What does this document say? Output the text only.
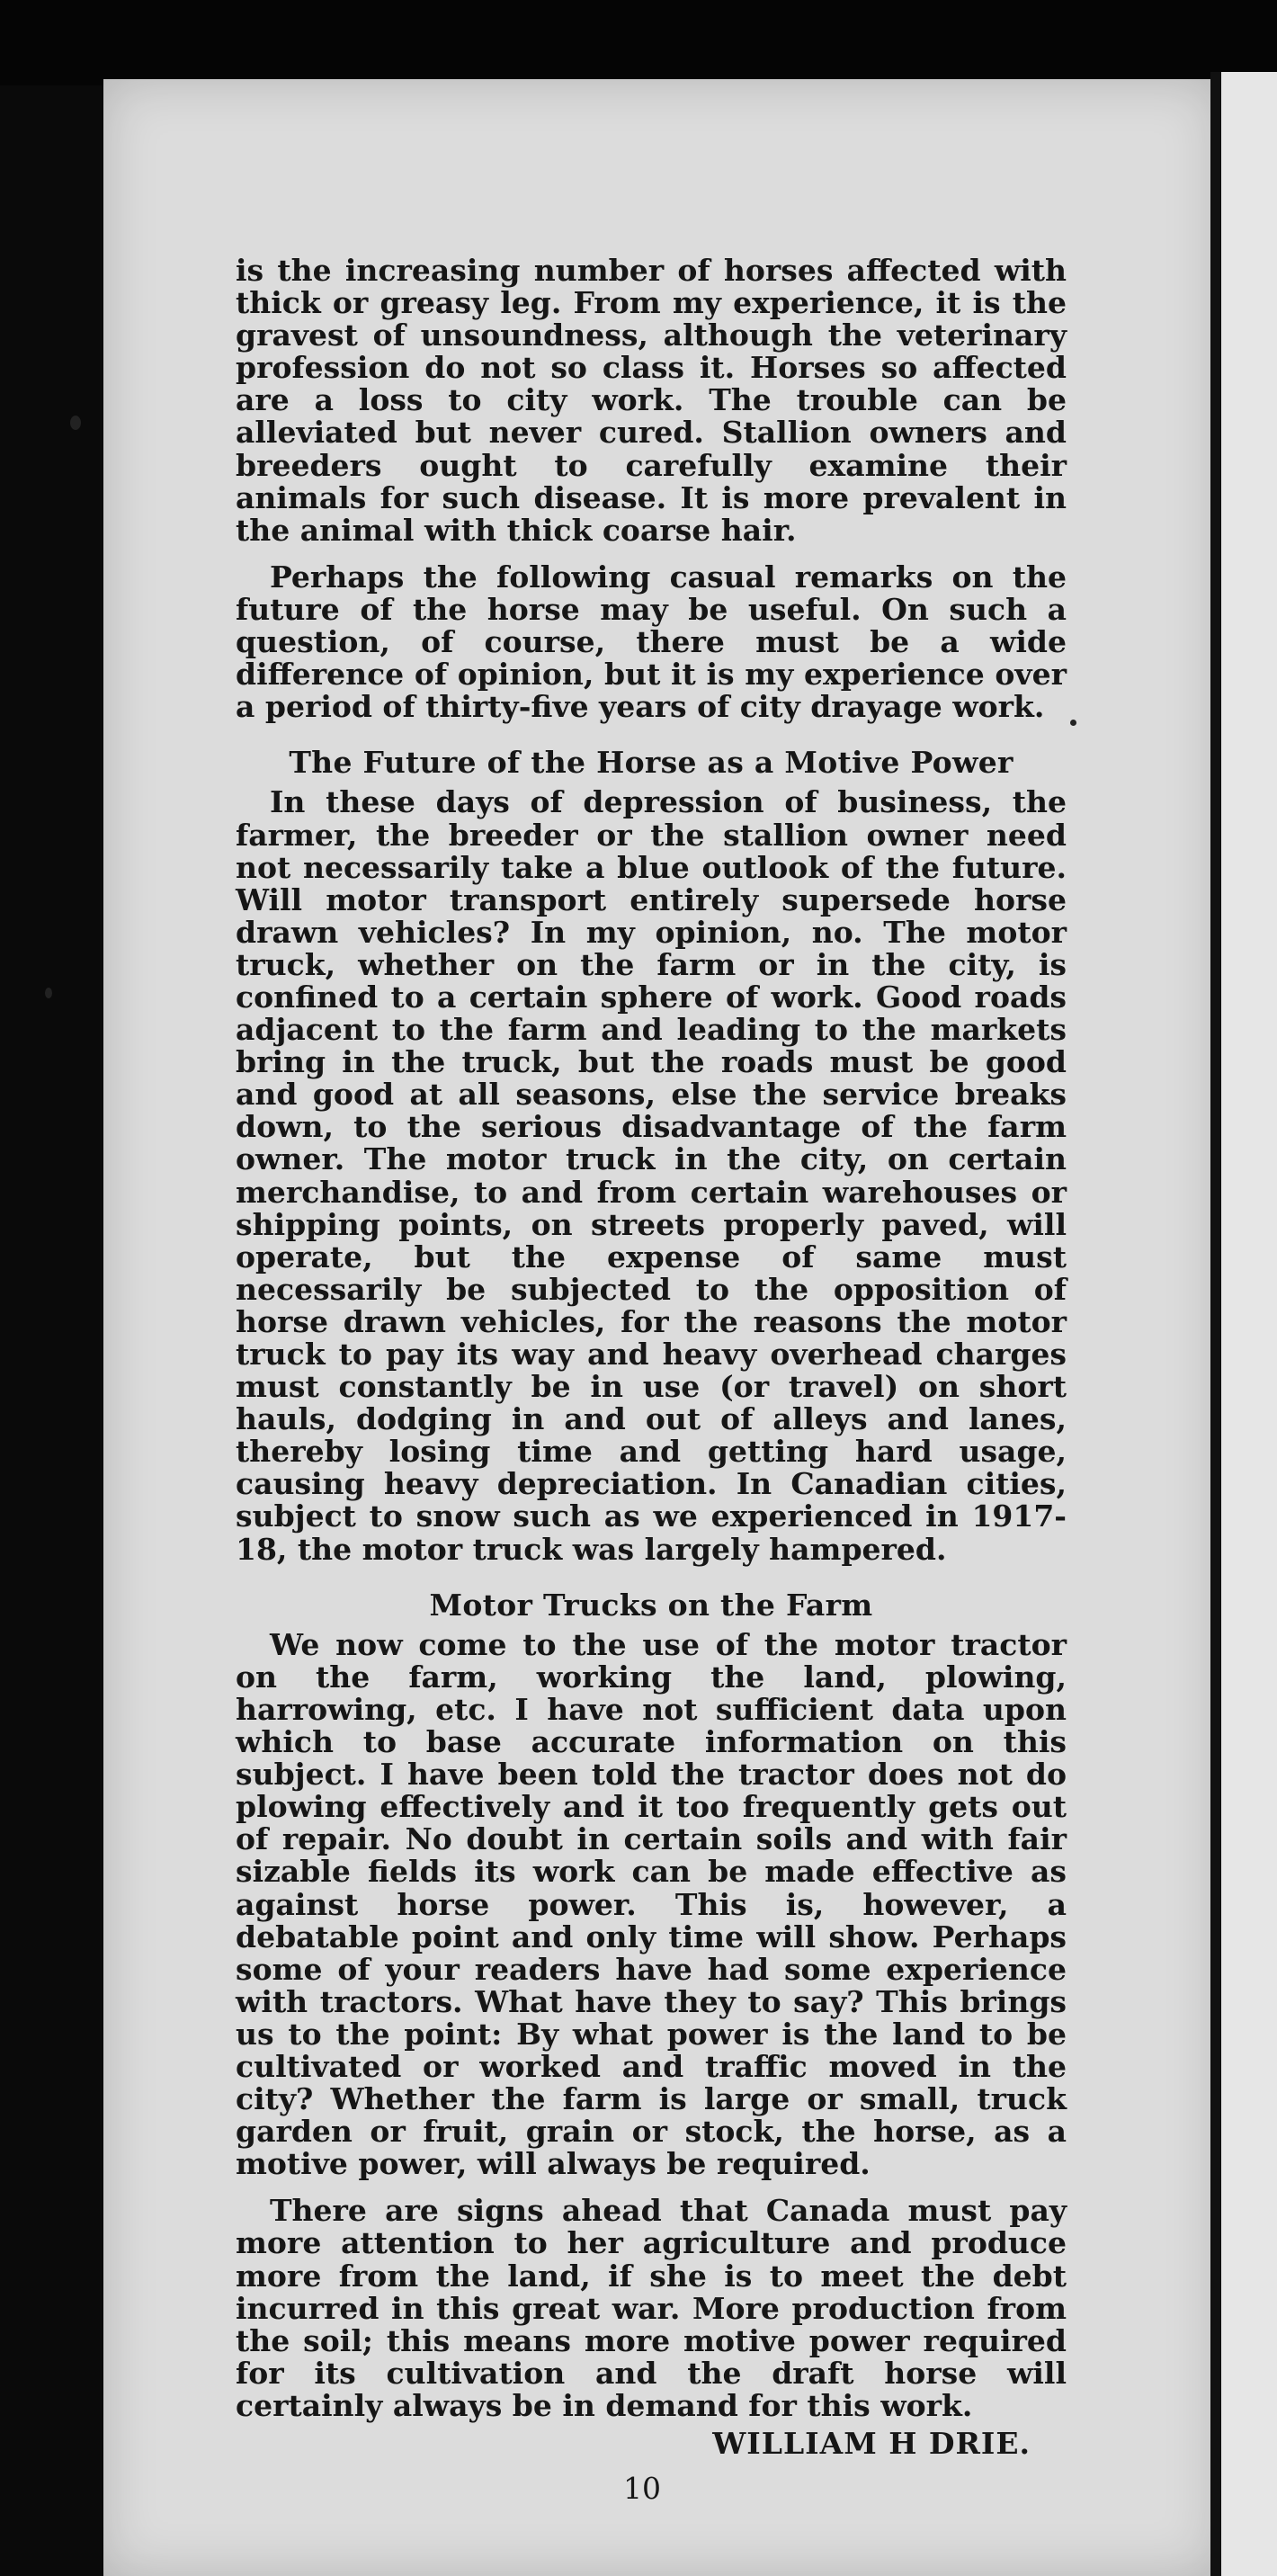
is the increasing number of horses affected with thick or greasy leg. From my experience, it is the gravest of unsoundness, although the veterinary profession do not so class it. Horses so affected are a loss to city work. The trouble can be alleviated but never cured. Stallion owners and breeders ought to carefully examine their animals for such disease. It is more prevalent in the animal with thick coarse hair.

Perhaps the following casual remarks on the future of the horse may be useful. On such a question, of course, there must be a wide difference of opinion, but it is my experience over a period of thirty-five years of city drayage work.

The Future of the Horse as a Motive Power

In these days of depression of business, the farmer, the breeder or the stallion owner need not necessarily take a blue outlook of the future. Will motor transport entirely supersede horse drawn vehicles? In my opinion, no. The motor truck, whether on the farm or in the city, is confined to a certain sphere of work. Good roads adjacent to the farm and leading to the markets bring in the truck, but the roads must be good and good at all seasons, else the service breaks down, to the serious disadvantage of the farm owner. The motor truck in the city, on certain merchandise, to and from certain warehouses or shipping points, on streets properly paved, will operate, but the expense of same must necessarily be subjected to the opposition of horse drawn vehicles, for the reasons the motor truck to pay its way and heavy overhead charges must constantly be in use (or travel) on short hauls, dodging in and out of alleys and lanes, thereby losing time and getting hard usage, causing heavy depreciation. In Canadian cities, subject to snow such as we experienced in 1917-18, the motor truck was largely hampered.

Motor Trucks on the Farm

We now come to the use of the motor tractor on the farm, working the land, plowing, harrowing, etc. I have not sufficient data upon which to base accurate information on this subject. I have been told the tractor does not do plowing effectively and it too frequently gets out of repair. No doubt in certain soils and with fair sizable fields its work can be made effective as against horse power. This is, however, a debatable point and only time will show. Perhaps some of your readers have had some experience with tractors. What have they to say? This brings us to the point: By what power is the land to be cultivated or worked and traffic moved in the city? Whether the farm is large or small, truck garden or fruit, grain or stock, the horse, as a motive power, will always be required.

There are signs ahead that Canada must pay more attention to her agriculture and produce more from the land, if she is to meet the debt incurred in this great war. More production from the soil; this means more motive power required for its cultivation and the draft horse will certainly always be in demand for this work.

WILLIAM H DRIE.
10
